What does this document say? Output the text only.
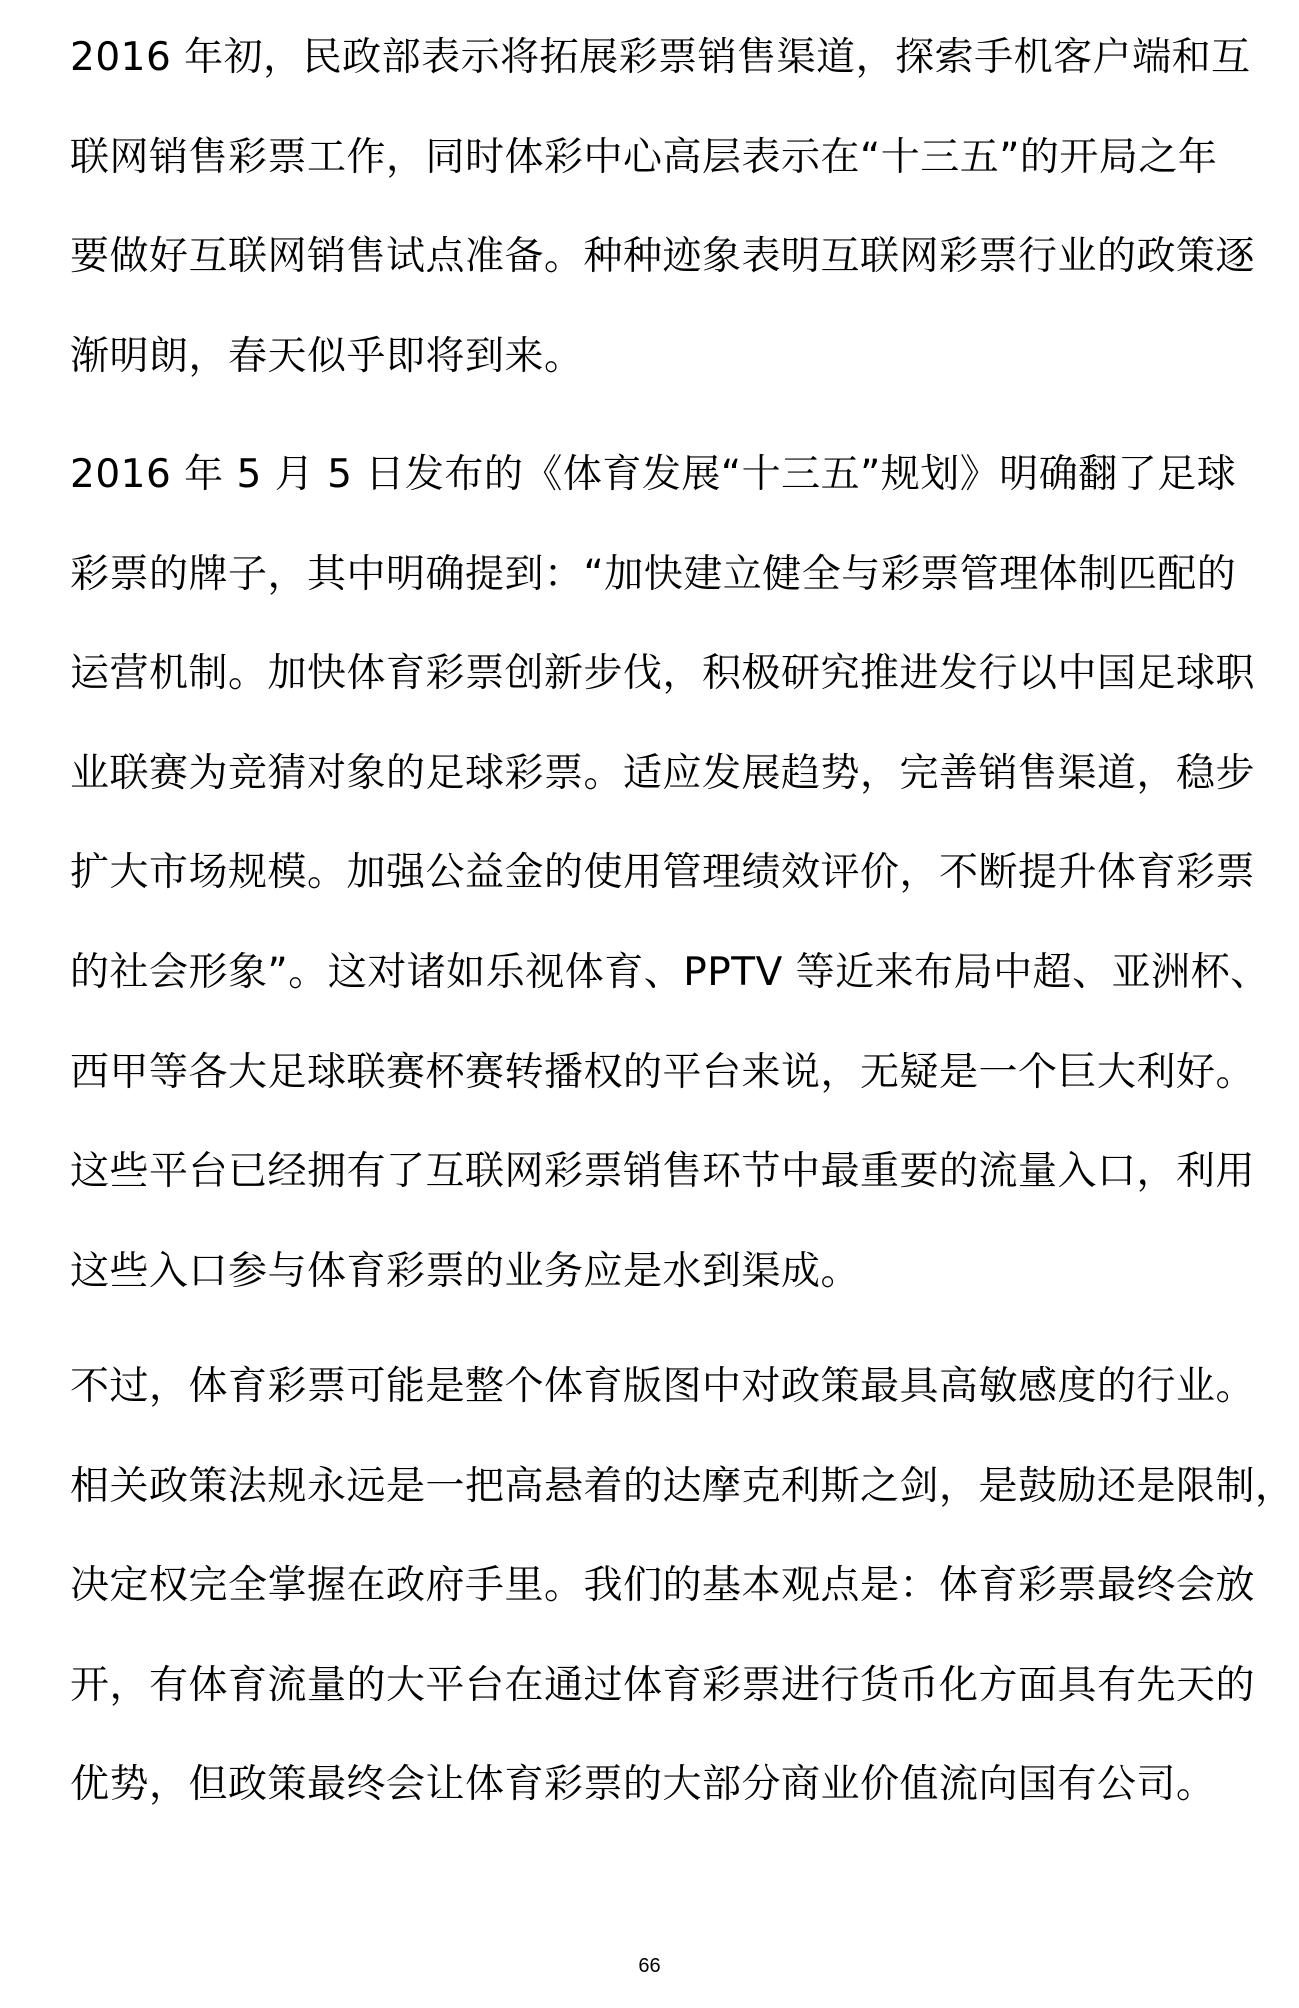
2016 年初，民政部表示将拓展彩票销售渠道，探索手机客户端和互
联网销售彩票工作，同时体彩中心高层表示在“十三五”的开局之年
要做好互联网销售试点准备。种种迹象表明互联网彩票行业的政策逐
渐明朗，春天似乎即将到来。
2016 年 5 月 5 日发布的《体育发展“十三五”规划》明确翻了足球
彩票的牌子，其中明确提到：“加快建立健全与彩票管理体制匹配的
运营机制。加快体育彩票创新步伐，积极研究推进发行以中国足球职
业联赛为竞猜对象的足球彩票。适应发展趋势，完善销售渠道，稳步
扩大市场规模。加强公益金的使用管理绩效评价，不断提升体育彩票
的社会形象”。这对诸如乐视体育、PPTV 等近来布局中超、亚洲杯、
西甲等各大足球联赛杯赛转播权的平台来说，无疑是一个巨大利好。
这些平台已经拥有了互联网彩票销售环节中最重要的流量入口，利用
这些入口参与体育彩票的业务应是水到渠成。
不过，体育彩票可能是整个体育版图中对政策最具高敏感度的行业。
相关政策法规永远是一把高悬着的达摩克利斯之剑，是鼓励还是限制，
决定权完全掌握在政府手里。我们的基本观点是：体育彩票最终会放
开，有体育流量的大平台在通过体育彩票进行货币化方面具有先天的
优势，但政策最终会让体育彩票的大部分商业价值流向国有公司。
66
